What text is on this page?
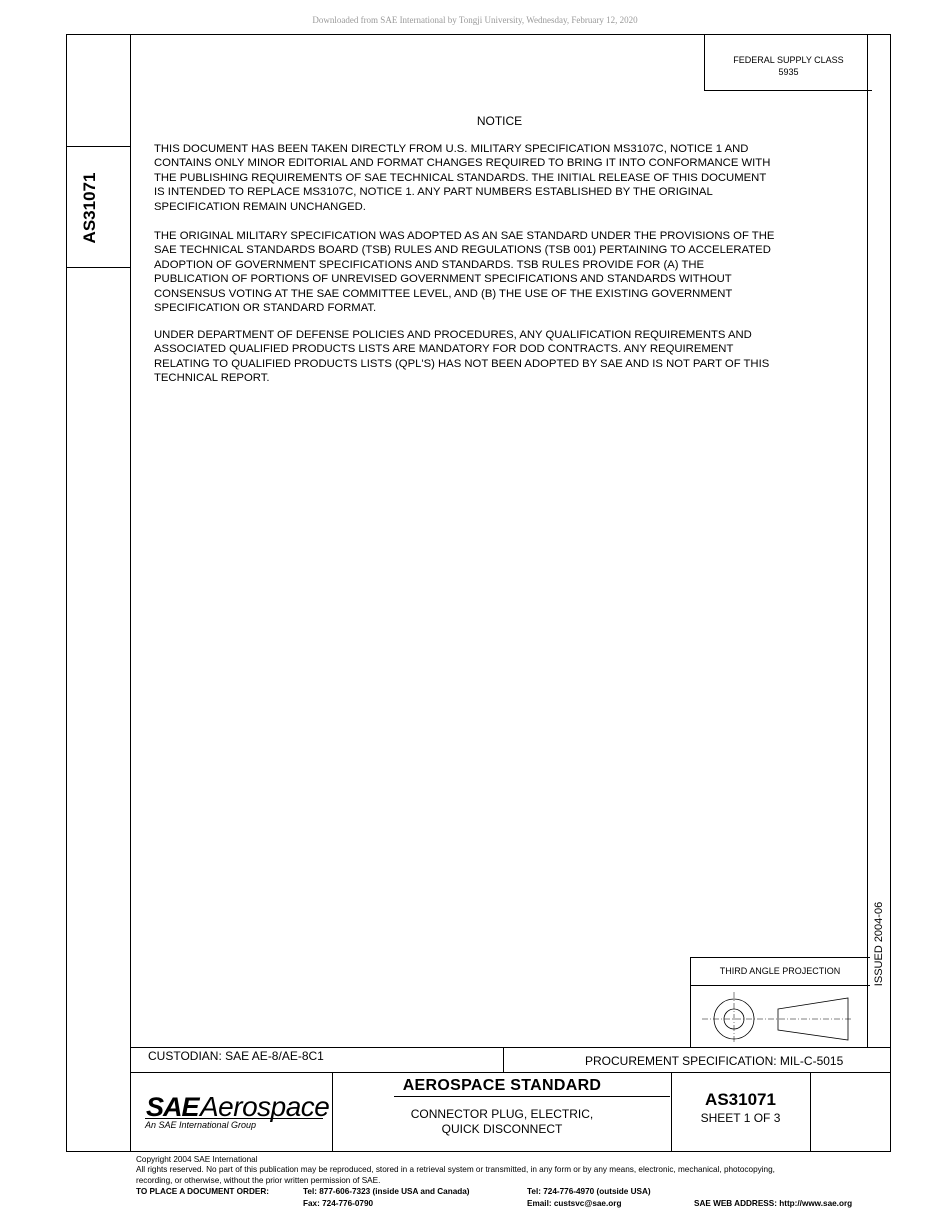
Downloaded from SAE International by Tongji University, Wednesday, February 12, 2020
FEDERAL SUPPLY CLASS
5935
AS31071
ISSUED 2004-06
NOTICE
THIS DOCUMENT HAS BEEN TAKEN DIRECTLY FROM U.S. MILITARY SPECIFICATION MS3107C, NOTICE 1 AND
CONTAINS ONLY MINOR EDITORIAL AND FORMAT CHANGES REQUIRED TO BRING IT INTO CONFORMANCE WITH
THE PUBLISHING REQUIREMENTS OF SAE TECHNICAL STANDARDS. THE INITIAL RELEASE OF THIS DOCUMENT
IS INTENDED TO REPLACE MS3107C, NOTICE 1. ANY PART NUMBERS ESTABLISHED BY THE ORIGINAL
SPECIFICATION REMAIN UNCHANGED.
THE ORIGINAL MILITARY SPECIFICATION WAS ADOPTED AS AN SAE STANDARD UNDER THE PROVISIONS OF THE
SAE TECHNICAL STANDARDS BOARD (TSB) RULES AND REGULATIONS (TSB 001) PERTAINING TO ACCELERATED
ADOPTION OF GOVERNMENT SPECIFICATIONS AND STANDARDS. TSB RULES PROVIDE FOR (A) THE
PUBLICATION OF PORTIONS OF UNREVISED GOVERNMENT SPECIFICATIONS AND STANDARDS WITHOUT
CONSENSUS VOTING AT THE SAE COMMITTEE LEVEL, AND (B) THE USE OF THE EXISTING GOVERNMENT
SPECIFICATION OR STANDARD FORMAT.
UNDER DEPARTMENT OF DEFENSE POLICIES AND PROCEDURES, ANY QUALIFICATION REQUIREMENTS AND
ASSOCIATED QUALIFIED PRODUCTS LISTS ARE MANDATORY FOR DOD CONTRACTS. ANY REQUIREMENT
RELATING TO QUALIFIED PRODUCTS LISTS (QPL'S) HAS NOT BEEN ADOPTED BY SAE AND IS NOT PART OF THIS
TECHNICAL REPORT.
THIRD ANGLE PROJECTION
CUSTODIAN: SAE AE-8/AE-8C1	PROCUREMENT SPECIFICATION: MIL-C-5015
SAE Aerospace
An SAE International Group
AEROSPACE STANDARD
CONNECTOR PLUG, ELECTRIC,
QUICK DISCONNECT
AS31071
SHEET 1 OF 3
Copyright 2004 SAE International
All rights reserved. No part of this publication may be reproduced, stored in a retrieval system or transmitted, in any form or by any means, electronic, mechanical, photocopying,
recording, or otherwise, without the prior written permission of SAE.
TO PLACE A DOCUMENT ORDER:	Tel: 877-606-7323 (inside USA and Canada)	Tel: 724-776-4970 (outside USA)
Fax: 724-776-0790	Email: custsvc@sae.org	SAE WEB ADDRESS: http://www.sae.org
